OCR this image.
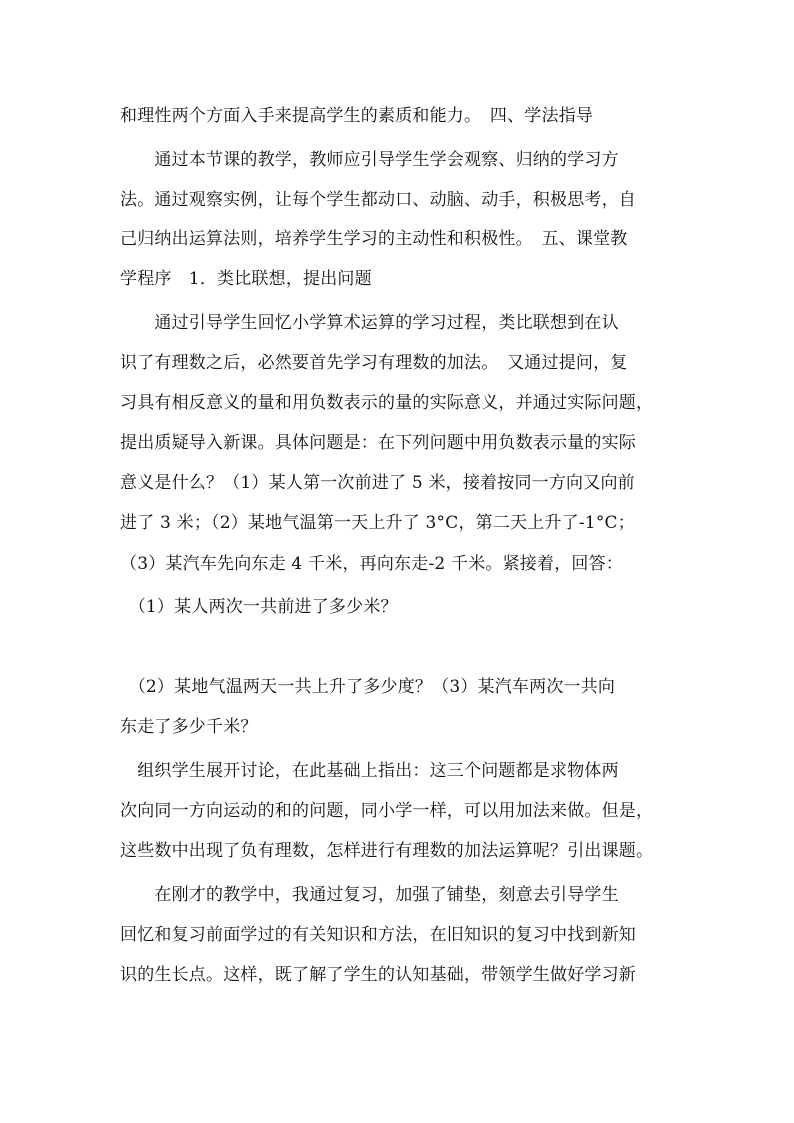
和理性两个方面入手来提高学生的素质和能力。　四、学法指导
　　通过本节课的教学，教师应引导学生学会观察、归纳的学习方
法。通过观察实例，让每个学生都动口、动脑、动手，积极思考，自
己归纳出运算法则，培养学生学习的主动性和积极性。　五、课堂教
学程序　1．类比联想，提出问题
　　通过引导学生回忆小学算术运算的学习过程，类比联想到在认
识了有理数之后，必然要首先学习有理数的加法。　又通过提问，复
习具有相反意义的量和用负数表示的量的实际意义，并通过实际问题，
提出质疑导入新课。具体问题是：在下列问题中用负数表示量的实际
意义是什么？（1）某人第一次前进了 5 米，接着按同一方向又向前
进了 3 米；（2）某地气温第一天上升了 3°C，第二天上升了-1°C；
（3）某汽车先向东走 4 千米，再向东走-2 千米。紧接着，回答：
　（1）某人两次一共前进了多少米？
　（2）某地气温两天一共上升了多少度？（3）某汽车两次一共向
东走了多少千米？
　组织学生展开讨论，在此基础上指出：这三个问题都是求物体两
次向同一方向运动的和的问题，同小学一样，可以用加法来做。但是，
这些数中出现了负有理数，怎样进行有理数的加法运算呢？引出课题。
　　在刚才的教学中，我通过复习，加强了铺垫，刻意去引导学生
回忆和复习前面学过的有关知识和方法，在旧知识的复习中找到新知
识的生长点。这样，既了解了学生的认知基础，带领学生做好学习新
